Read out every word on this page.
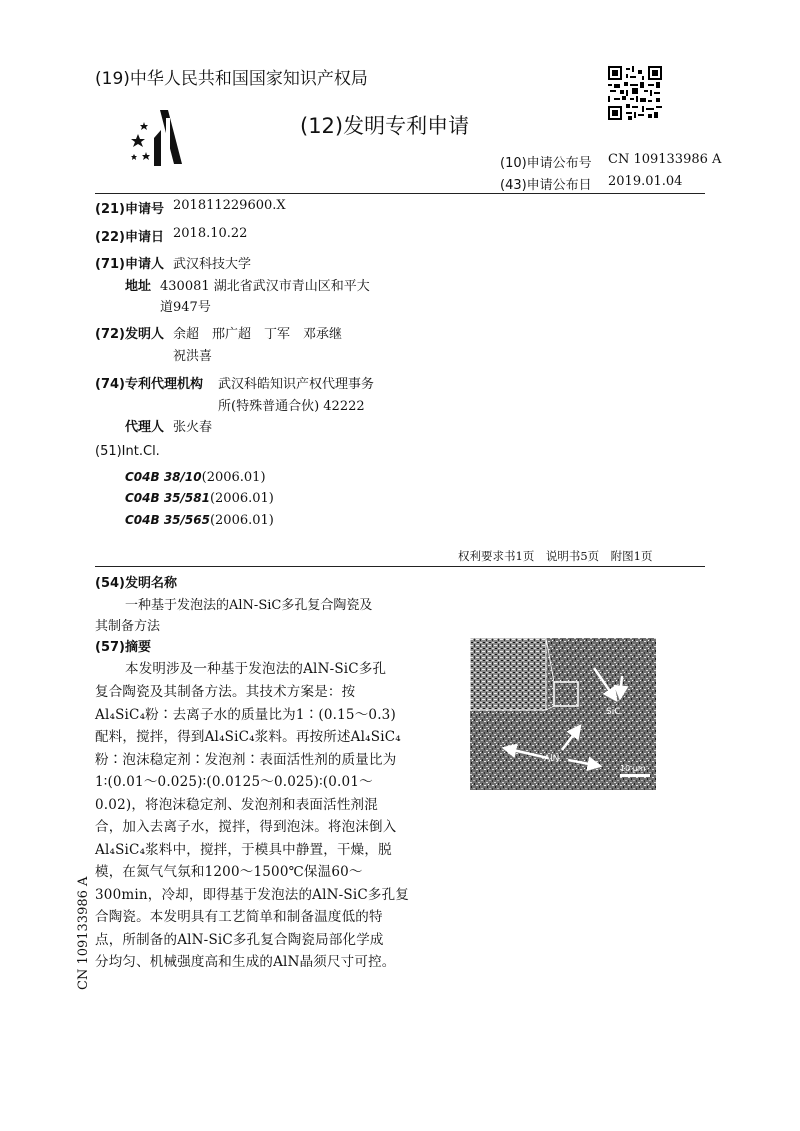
(19)中华人民共和国国家知识产权局
(12)发明专利申请
(10)申请公布号 CN 109133986 A
(43)申请公布日 2019.01.04
(21)申请号 201811229600.X
(22)申请日 2018.10.22
(71)申请人 武汉科技大学
地址 430081 湖北省武汉市青山区和平大
道947号
(72)发明人 余超　邢广超　丁军　邓承继
祝洪喜
(74)专利代理机构 武汉科皓知识产权代理事务
所(特殊普通合伙) 42222
代理人 张火春
(51)Int.Cl.
C04B 38/10(2006.01)
C04B 35/581(2006.01)
C04B 35/565(2006.01)
权利要求书1页　说明书5页　附图1页
(54)发明名称
一种基于发泡法的AlN-SiC多孔复合陶瓷及
其制备方法
(57)摘要
本发明涉及一种基于发泡法的AlN-SiC多孔
复合陶瓷及其制备方法。其技术方案是：按
Al₄SiC₄粉∶去离子水的质量比为1∶(0.15～0.3)
配料，搅拌，得到Al₄SiC₄浆料。再按所述Al₄SiC₄
粉∶泡沫稳定剂∶发泡剂∶表面活性剂的质量比为
1∶(0.01～0.025)∶(0.0125～0.025)∶(0.01～
0.02)，将泡沫稳定剂、发泡剂和表面活性剂混
合，加入去离子水，搅拌，得到泡沫。将泡沫倒入
Al₄SiC₄浆料中，搅拌，于模具中静置，干燥，脱
模，在氮气气氛和1200～1500℃保温60～
300min，冷却，即得基于发泡法的AlN-SiC多孔复
合陶瓷。本发明具有工艺简单和制备温度低的特
点，所制备的AlN-SiC多孔复合陶瓷局部化学成
分均匀、机械强度高和生成的AlN晶须尺寸可控。
SiC
AlN
10 μm
CN 109133986 A
